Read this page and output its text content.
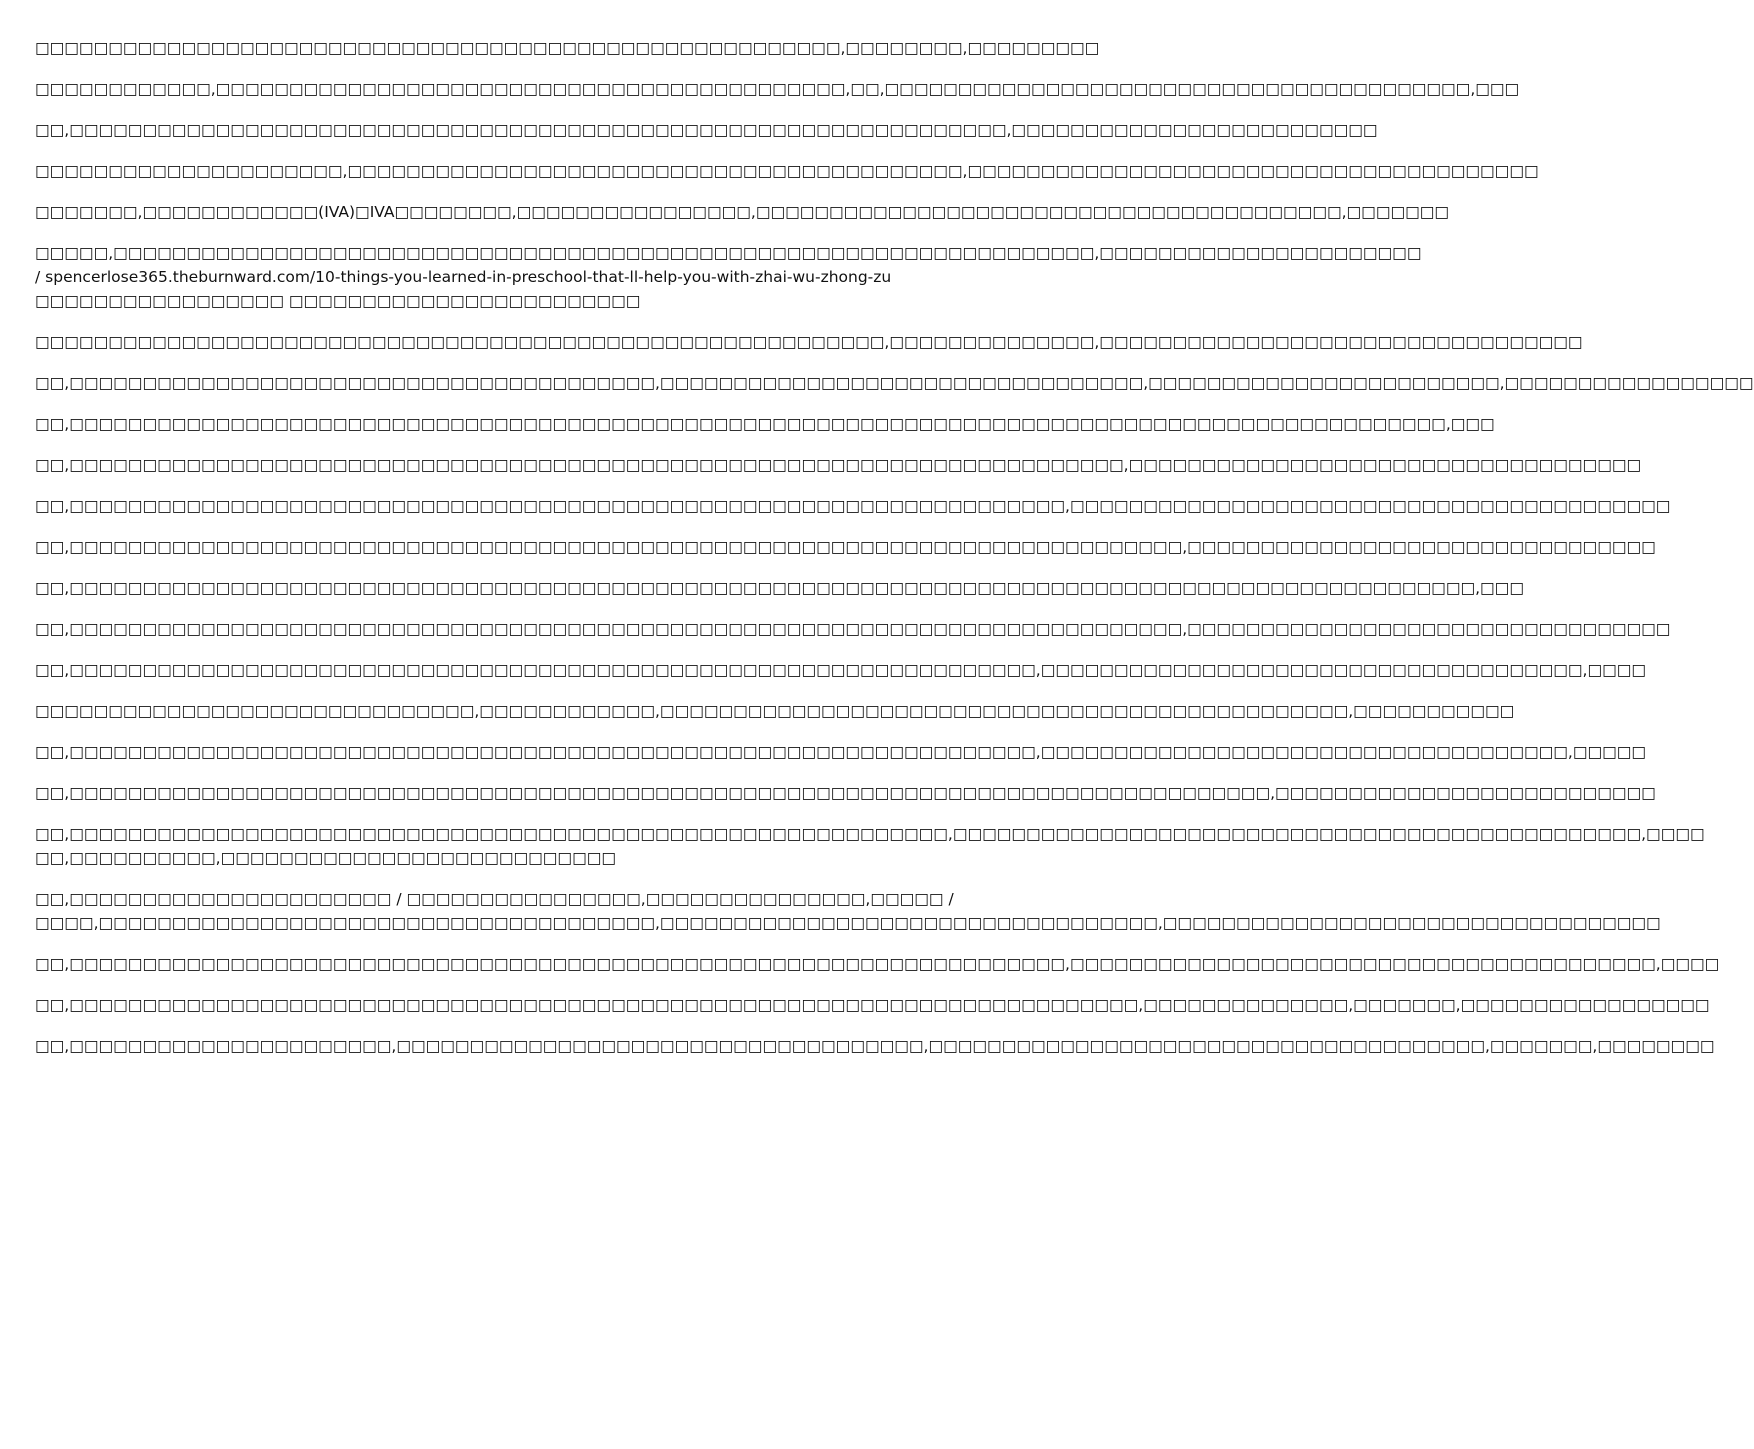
□□□□□□□□□□□□□□□□□□□□□□□□□□□□□□□□□□□□□□□□□□□□□□□□□□□□□□□,□□□□□□□□,□□□□□□□□□
□□□□□□□□□□□□,□□□□□□□□□□□□□□□□□□□□□□□□□□□□□□□□□□□□□□□□□□□,□□,□□□□□□□□□□□□□□□□□□□□□□□□□□□□□□□□□□□□□□□□,□□□
□□,□□□□□□□□□□□□□□□□□□□□□□□□□□□□□□□□□□□□□□□□□□□□□□□□□□□□□□□□□□□□□□□□,□□□□□□□□□□□□□□□□□□□□□□□□□
□□□□□□□□□□□□□□□□□□□□□,□□□□□□□□□□□□□□□□□□□□□□□□□□□□□□□□□□□□□□□□□□,□□□□□□□□□□□□□□□□□□□□□□□□□□□□□□□□□□□□□□□
□□□□□□□,□□□□□□□□□□□□(IVA)□IVA□□□□□□□□,□□□□□□□□□□□□□□□□,□□□□□□□□□□□□□□□□□□□□□□□□□□□□□□□□□□□□□□□□,□□□□□□□
□□□□□,□□□□□□□□□□□□□□□□□□□□□□□□□□□□□□□□□□□□□□□□□□□□□□□□□□□□□□□□□□□□□□□□□□□,□□□□□□□□□□□□□□□□□□□□□□
/ spencerlose365.theburnward.com/10-things-you-learned-in-preschool-that-ll-help-you-with-zhai-wu-zhong-zu
□□□□□□□□□□□□□□□□□ □□□□□□□□□□□□□□□□□□□□□□□□
□□□□□□□□□□□□□□□□□□□□□□□□□□□□□□□□□□□□□□□□□□□□□□□□□□□□□□□□□□,□□□□□□□□□□□□□□,□□□□□□□□□□□□□□□□□□□□□□□□□□□□□□□□□
□□,□□□□□□□□□□□□□□□□□□□□□□□□□□□□□□□□□□□□□□□□,□□□□□□□□□□□□□□□□□□□□□□□□□□□□□□□□□,□□□□□□□□□□□□□□□□□□□□□□□□,□□□□□□□□□□□□□□□□□
□□,□□□□□□□□□□□□□□□□□□□□□□□□□□□□□□□□□□□□□□□□□□□□□□□□□□□□□□□□□□□□□□□□□□□□□□□□□□□□□□□□□□□□□□□□□□□□□□,□□□
□□,□□□□□□□□□□□□□□□□□□□□□□□□□□□□□□□□□□□□□□□□□□□□□□□□□□□□□□□□□□□□□□□□□□□□□□□□,□□□□□□□□□□□□□□□□□□□□□□□□□□□□□□□□□□□
□□,□□□□□□□□□□□□□□□□□□□□□□□□□□□□□□□□□□□□□□□□□□□□□□□□□□□□□□□□□□□□□□□□□□□□,□□□□□□□□□□□□□□□□□□□□□□□□□□□□□□□□□□□□□□□□□
□□,□□□□□□□□□□□□□□□□□□□□□□□□□□□□□□□□□□□□□□□□□□□□□□□□□□□□□□□□□□□□□□□□□□□□□□□□□□□□,□□□□□□□□□□□□□□□□□□□□□□□□□□□□□□□□
□□,□□□□□□□□□□□□□□□□□□□□□□□□□□□□□□□□□□□□□□□□□□□□□□□□□□□□□□□□□□□□□□□□□□□□□□□□□□□□□□□□□□□□□□□□□□□□□□□□,□□□
□□,□□□□□□□□□□□□□□□□□□□□□□□□□□□□□□□□□□□□□□□□□□□□□□□□□□□□□□□□□□□□□□□□□□□□□□□□□□□□,□□□□□□□□□□□□□□□□□□□□□□□□□□□□□□□□□
□□,□□□□□□□□□□□□□□□□□□□□□□□□□□□□□□□□□□□□□□□□□□□□□□□□□□□□□□□□□□□□□□□□□□,□□□□□□□□□□□□□□□□□□□□□□□□□□□□□□□□□□□□□,□□□□
□□□□□□□□□□□□□□□□□□□□□□□□□□□□□□,□□□□□□□□□□□□,□□□□□□□□□□□□□□□□□□□□□□□□□□□□□□□□□□□□□□□□□□□□□□□,□□□□□□□□□□□
□□,□□□□□□□□□□□□□□□□□□□□□□□□□□□□□□□□□□□□□□□□□□□□□□□□□□□□□□□□□□□□□□□□□□,□□□□□□□□□□□□□□□□□□□□□□□□□□□□□□□□□□□□,□□□□□
□□,□□□□□□□□□□□□□□□□□□□□□□□□□□□□□□□□□□□□□□□□□□□□□□□□□□□□□□□□□□□□□□□□□□□□□□□□□□□□□□□□□□,□□□□□□□□□□□□□□□□□□□□□□□□□□
□□,□□□□□□□□□□□□□□□□□□□□□□□□□□□□□□□□□□□□□□□□□□□□□□□□□□□□□□□□□□□□,□□□□□□□□□□□□□□□□□□□□□□□□□□□□□□□□□□□□□□□□□□□□□□□,□□□□
□□,□□□□□□□□□□,□□□□□□□□□□□□□□□□□□□□□□□□□□□
□□,□□□□□□□□□□□□□□□□□□□□□□ / □□□□□□□□□□□□□□□□,□□□□□□□□□□□□□□□,□□□□□ /
□□□□,□□□□□□□□□□□□□□□□□□□□□□□□□□□□□□□□□□□□□□,□□□□□□□□□□□□□□□□□□□□□□□□□□□□□□□□□□,□□□□□□□□□□□□□□□□□□□□□□□□□□□□□□□□□□
□□,□□□□□□□□□□□□□□□□□□□□□□□□□□□□□□□□□□□□□□□□□□□□□□□□□□□□□□□□□□□□□□□□□□□□,□□□□□□□□□□□□□□□□□□□□□□□□□□□□□□□□□□□□□□□□,□□□□
□□,□□□□□□□□□□□□□□□□□□□□□□□□□□□□□□□□□□□□□□□□□□□□□□□□□□□□□□□□□□□□□□□□□□□□□□□□□,□□□□□□□□□□□□□□,□□□□□□□,□□□□□□□□□□□□□□□□□
□□,□□□□□□□□□□□□□□□□□□□□□□,□□□□□□□□□□□□□□□□□□□□□□□□□□□□□□□□□□□□,□□□□□□□□□□□□□□□□□□□□□□□□□□□□□□□□□□□□□□,□□□□□□□,□□□□□□□□
